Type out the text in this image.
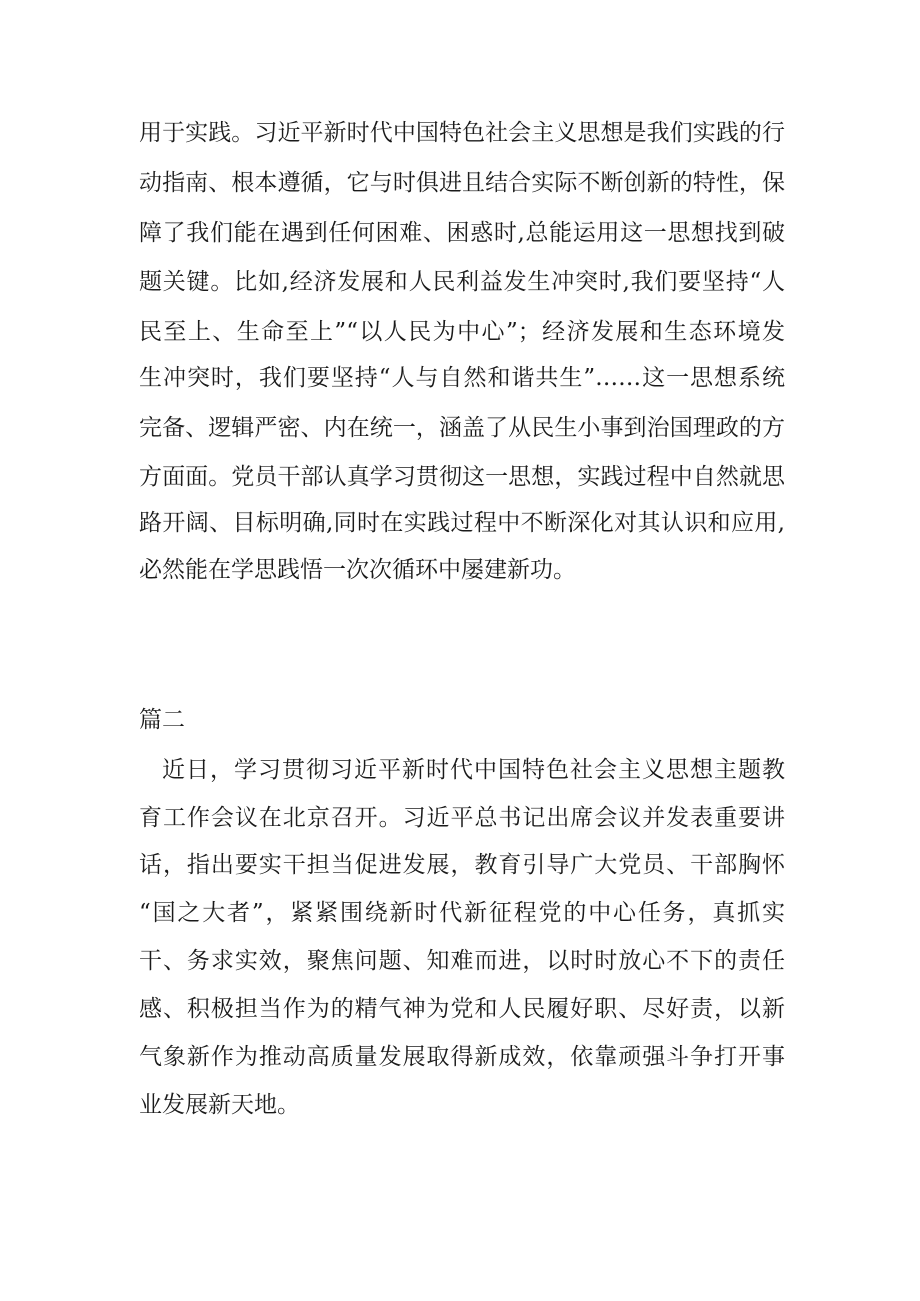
用于实践。习近平新时代中国特色社会主义思想是我们实践的行

动指南、根本遵循，它与时俱进且结合实际不断创新的特性，保

障了我们能在遇到任何困难、困惑时,总能运用这一思想找到破

题关键。比如,经济发展和人民利益发生冲突时,我们要坚持“人

民至上、生命至上”“以人民为中心”；经济发展和生态环境发

生冲突时，我们要坚持“人与自然和谐共生”……这一思想系统

完备、逻辑严密、内在统一，涵盖了从民生小事到治国理政的方

方面面。党员干部认真学习贯彻这一思想，实践过程中自然就思

路开阔、目标明确,同时在实践过程中不断深化对其认识和应用,

必然能在学思践悟一次次循环中屡建新功。

篇二

近日，学习贯彻习近平新时代中国特色社会主义思想主题教

育工作会议在北京召开。习近平总书记出席会议并发表重要讲

话，指出要实干担当促进发展，教育引导广大党员、干部胸怀

“国之大者”，紧紧围绕新时代新征程党的中心任务，真抓实

干、务求实效，聚焦问题、知难而进，以时时放心不下的责任

感、积极担当作为的精气神为党和人民履好职、尽好责，以新

气象新作为推动高质量发展取得新成效，依靠顽强斗争打开事

业发展新天地。
